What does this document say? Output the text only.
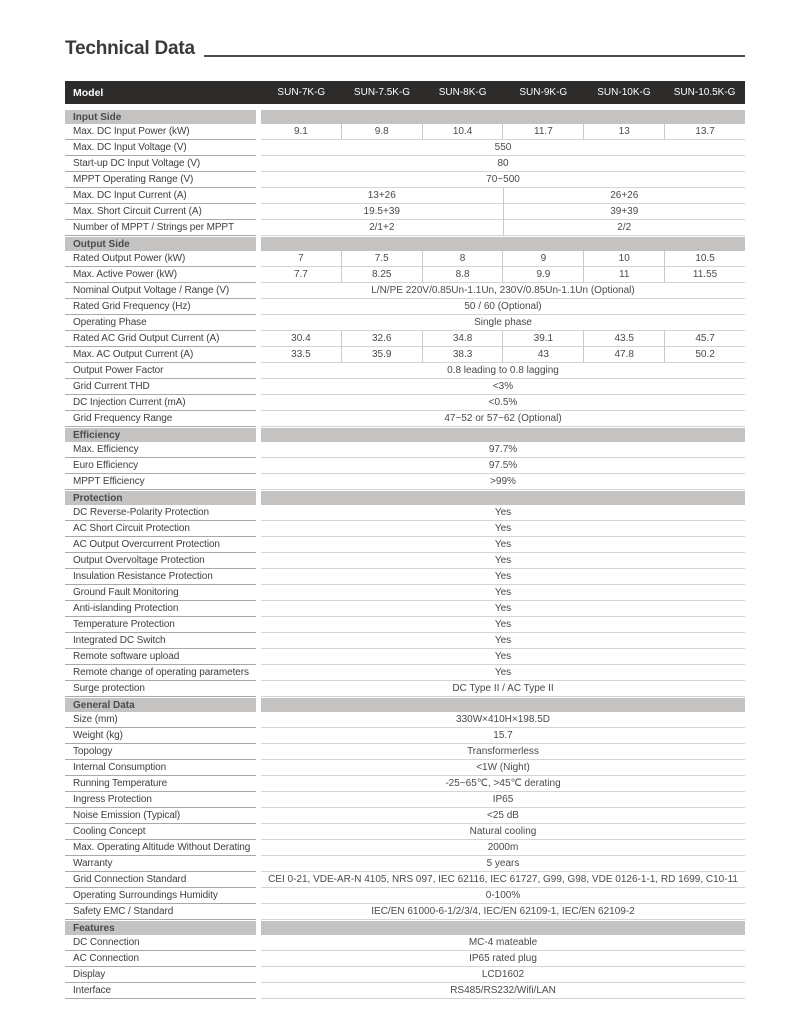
Technical Data
Model	SUN-7K-G	SUN-7.5K-G	SUN-8K-G	SUN-9K-G	SUN-10K-G	SUN-10.5K-G
Input Side
Max. DC Input Power (kW)	9.1	9.8	10.4	11.7	13	13.7
Max. DC Input Voltage (V)	550
Start-up DC Input Voltage (V)	80
MPPT Operating Range (V)	70~500
Max. DC Input Current (A)	13+26	26+26
Max. Short Circuit Current (A)	19.5+39	39+39
Number of MPPT / Strings per MPPT	2/1+2	2/2
Output Side
Rated Output Power (kW)	7	7.5	8	9	10	10.5
Max. Active Power (kW)	7.7	8.25	8.8	9.9	11	11.55
Nominal Output Voltage / Range (V)	L/N/PE 220V/0.85Un-1.1Un, 230V/0.85Un-1.1Un (Optional)
Rated Grid Frequency (Hz)	50 / 60 (Optional)
Operating Phase	Single phase
Rated AC Grid Output Current (A)	30.4	32.6	34.8	39.1	43.5	45.7
Max. AC Output Current (A)	33.5	35.9	38.3	43	47.8	50.2
Output Power Factor	0.8 leading to 0.8 lagging
Grid Current THD	<3%
DC Injection Current (mA)	<0.5%
Grid Frequency Range	47~52 or 57~62 (Optional)
Efficiency
Max. Efficiency	97.7%
Euro Efficiency	97.5%
MPPT Efficiency	>99%
Protection
DC Reverse-Polarity Protection	Yes
AC Short Circuit Protection	Yes
AC Output Overcurrent Protection	Yes
Output Overvoltage Protection	Yes
Insulation Resistance Protection	Yes
Ground Fault Monitoring	Yes
Anti-islanding Protection	Yes
Temperature Protection	Yes
Integrated DC Switch	Yes
Remote software upload	Yes
Remote change of operating parameters	Yes
Surge protection	DC Type II / AC Type II
General Data
Size (mm)	330W×410H×198.5D
Weight (kg)	15.7
Topology	Transformerless
Internal Consumption	<1W (Night)
Running Temperature	-25~65℃, >45℃ derating
Ingress Protection	IP65
Noise Emission (Typical)	<25 dB
Cooling Concept	Natural cooling
Max. Operating Altitude Without Derating	2000m
Warranty	5 years
Grid Connection Standard	CEI 0-21, VDE-AR-N 4105, NRS 097, IEC 62116, IEC 61727, G99, G98, VDE 0126-1-1, RD 1699, C10-11
Operating Surroundings Humidity	0-100%
Safety EMC / Standard	IEC/EN 61000-6-1/2/3/4, IEC/EN 62109-1, IEC/EN 62109-2
Features
DC Connection	MC-4 mateable
AC Connection	IP65 rated plug
Display	LCD1602
Interface	RS485/RS232/Wifi/LAN
